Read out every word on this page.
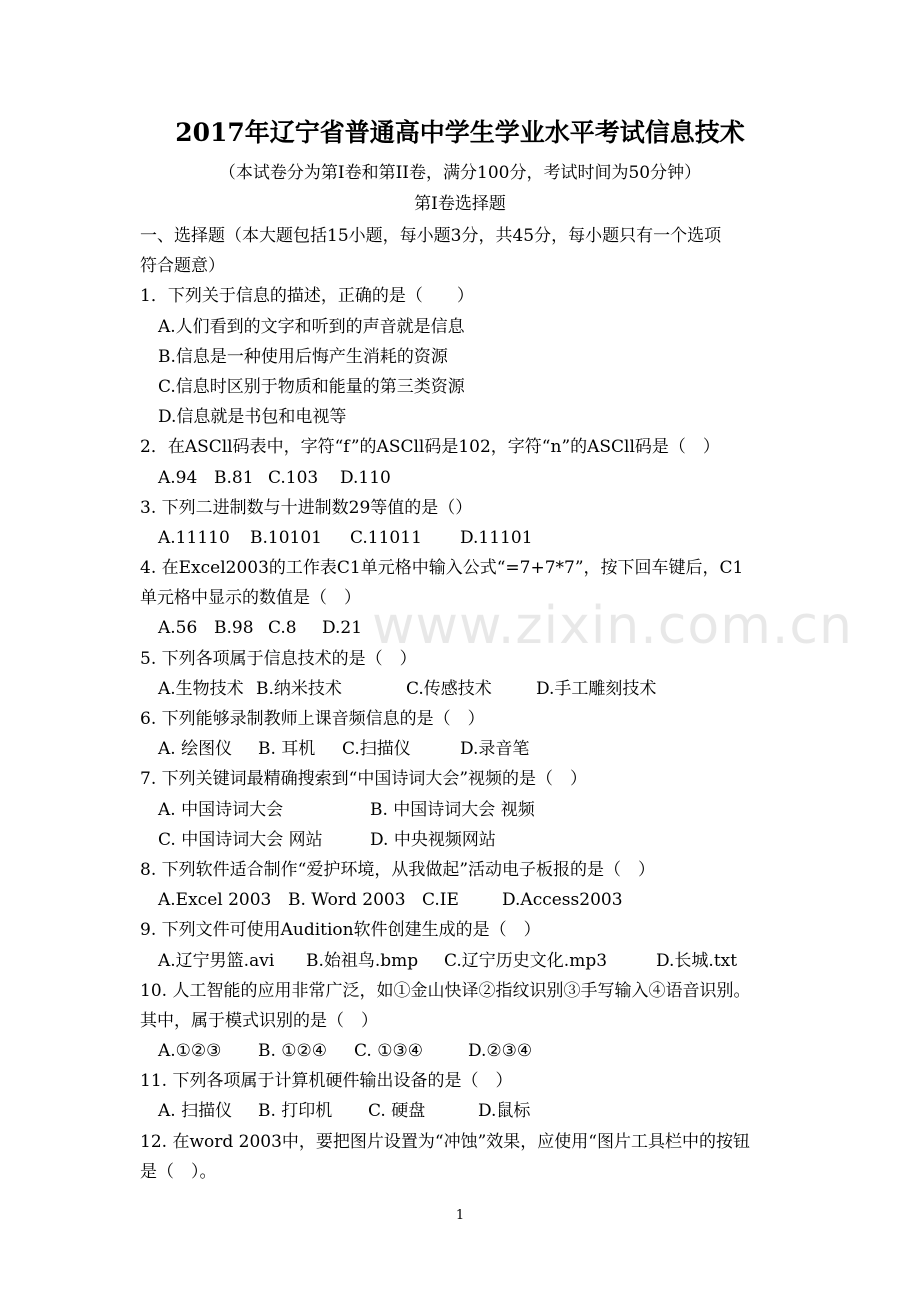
2017年辽宁省普通高中学生学业水平考试信息技术
（本试卷分为第I卷和第II卷，满分100分，考试时间为50分钟）
第I卷选择题
一、选择题（本大题包括15小题，每小题3分，共45分，每小题只有一个选项
符合题意）
1．下列关于信息的描述，正确的是（　　）
A.人们看到的文字和听到的声音就是信息
B.信息是一种使用后悔产生消耗的资源
C.信息时区别于物质和能量的第三类资源
D.信息就是书包和电视等
2．在ASCll码表中，字符“f”的ASCll码是102，字符“n”的ASCll码是（　）
A.94 B.81 C.103 D.110
3. 下列二进制数与十进制数29等值的是（）
A.11110 B.10101 C.11011 D.11101
4. 在Excel2003的工作表C1单元格中输入公式“=7+7*7”，按下回车键后，C1
单元格中显示的数值是（　）
A.56 B.98 C.8 D.21
5. 下列各项属于信息技术的是（　）
A.生物技术 B.纳米技术	C.传感技术	D.手工雕刻技术
6. 下列能够录制教师上课音频信息的是（　）
A. 绘图仪 B. 耳机 C.扫描仪	D.录音笔
7. 下列关键词最精确搜索到“中国诗词大会”视频的是（　）
A. 中国诗词大会	B. 中国诗词大会 视频
C. 中国诗词大会 网站	D. 中央视频网站
8. 下列软件适合制作“爱护环境，从我做起”活动电子板报的是（　）
A.Excel 2003 B. Word 2003 C.IE	D.Access2003
9. 下列文件可使用Audition软件创建生成的是（　）
A.辽宁男篮.avi B.始祖鸟.bmp C.辽宁历史文化.mp3	D.长城.txt
10. 人工智能的应用非常广泛，如①金山快译②指纹识别③手写输入④语音识别。
其中，属于模式识别的是（　）
A.①②③ B. ①②④ C. ①③④	D.②③④
11. 下列各项属于计算机硬件输出设备的是（　）
A. 扫描仪 B. 打印机 C. 硬盘	D.鼠标
12. 在word 2003中，要把图片设置为“冲蚀”效果，应使用“图片工具栏中的按钮
是（　）。
www.zixin.com.cn
1
